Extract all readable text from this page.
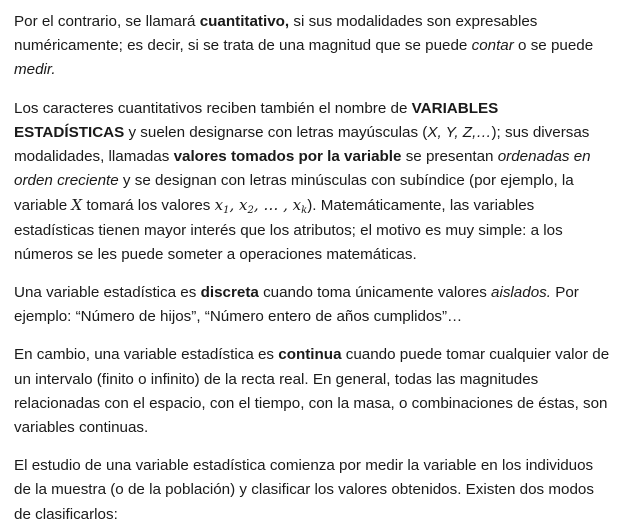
Por el contrario, se llamará cuantitativo, si sus modalidades son expresables numéricamente; es decir, si se trata de una magnitud que se puede contar o se puede medir.

Los caracteres cuantitativos reciben también el nombre de VARIABLES ESTADÍSTICAS y suelen designarse con letras mayúsculas (X, Y, Z,…); sus diversas modalidades, llamadas valores tomados por la variable se presentan ordenadas en orden creciente y se designan con letras minúsculas con subíndice (por ejemplo, la variable X tomará los valores $x_1$, $x_2$, … , $x_k$). Matemáticamente, las variables estadísticas tienen mayor interés que los atributos; el motivo es muy simple: a los números se les puede someter a operaciones matemáticas.

Una variable estadística es discreta cuando toma únicamente valores aislados. Por ejemplo: “Número de hijos”, “Número entero de años cumplidos”…

En cambio, una variable estadística es continua cuando puede tomar cualquier valor de un intervalo (finito o infinito) de la recta real. En general, todas las magnitudes relacionadas con el espacio, con el tiempo, con la masa, o combinaciones de éstas, son variables continuas.

El estudio de una variable estadística comienza por medir la variable en los individuos de la muestra (o de la población) y clasificar los valores obtenidos. Existen dos modos de clasificarlos:
